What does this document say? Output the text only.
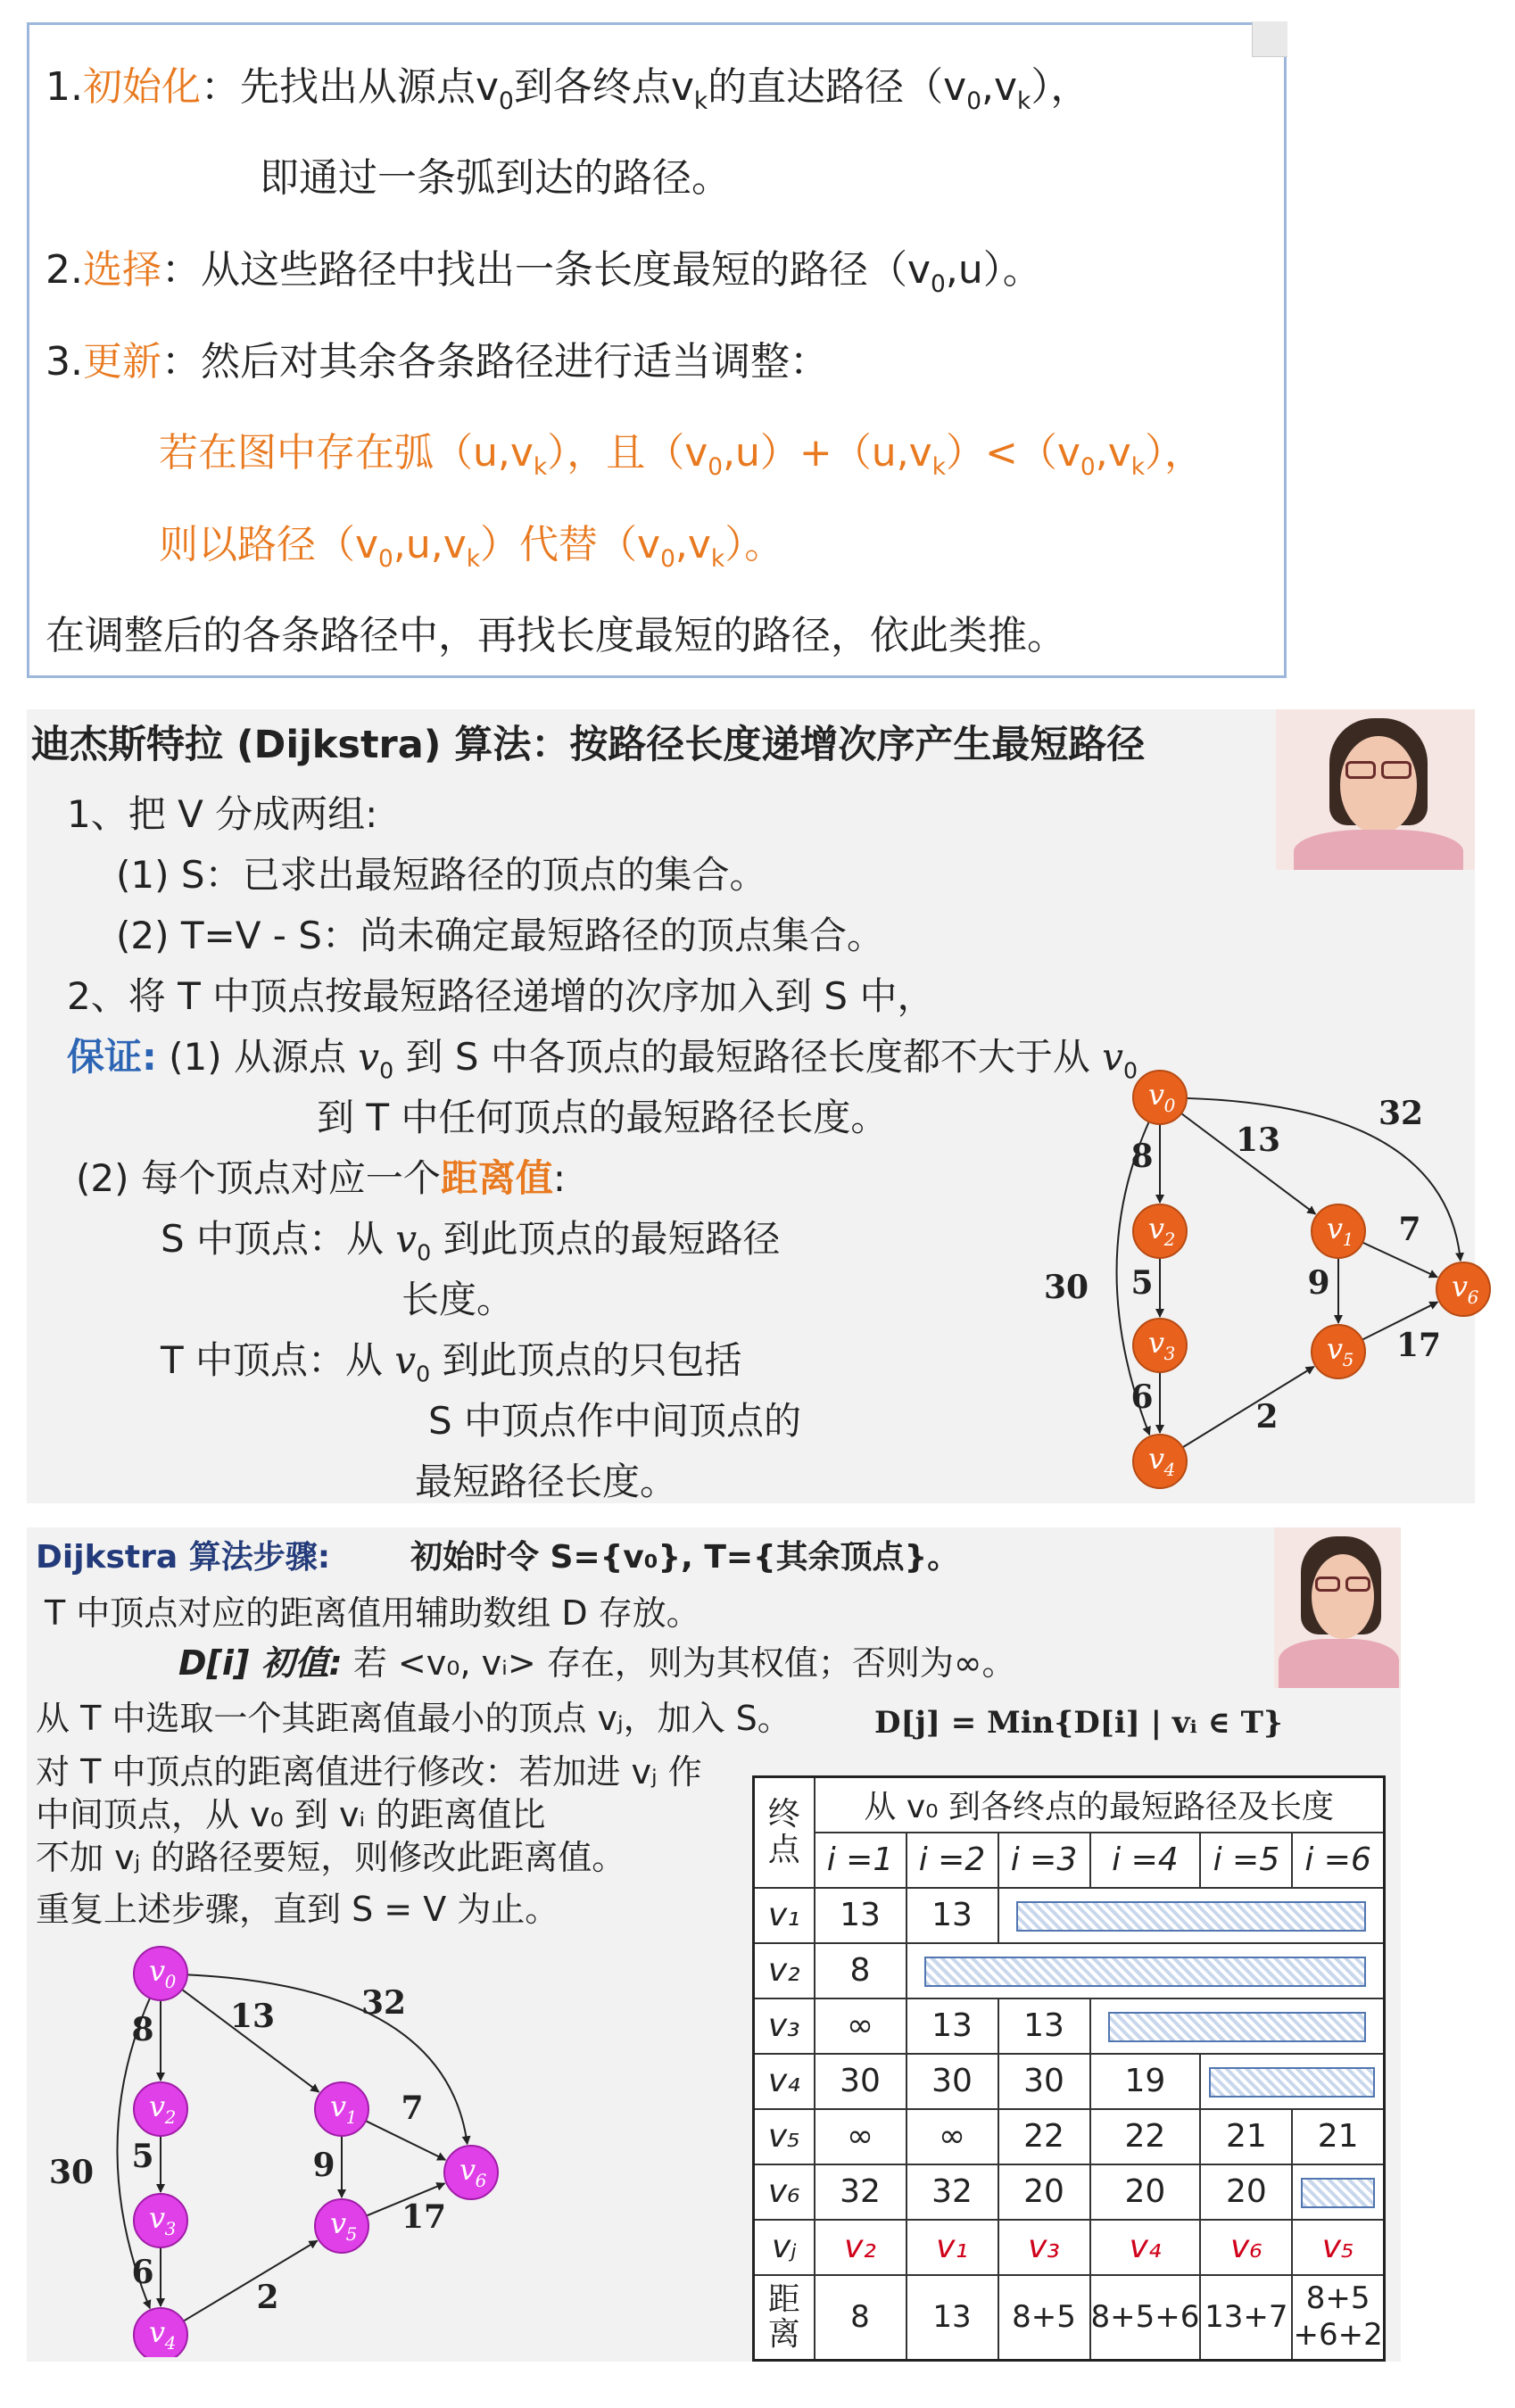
1.初始化：先找出从源点$v_0$到各终点$v_k$的直达路径$(v_0,v_k)$，
即通过一条弧到达的路径。
2.选择：从这些路径中找出一条长度最短的路径$(v_0,u)$。
3.更新：然后对其余各条路径进行适当调整：
若在图中存在弧$(u,v_k)$，且$(v_0,u)+(u,v_k)<(v_0,v_k)$，
则以路径$(v_0,u,v_k)$代替$(v_0,v_k)$。
在调整后的各条路径中，再找长度最短的路径，依此类推。
迪杰斯特拉 (Dijkstra) 算法：按路径长度递增次序产生最短路径
1、把 V 分成两组:
(1) S：已求出最短路径的顶点的集合。
(2) T=V - S：尚未确定最短路径的顶点集合。
2、将 T 中顶点按最短路径递增的次序加入到 S 中，
保证: (1) 从源点 $v_0$ 到 S 中各顶点的最短路径长度都不大于从 $v_0$
到 T 中任何顶点的最短路径长度。
(2) 每个顶点对应一个距离值:
S 中顶点：从 $v_0$ 到此顶点的最短路径
长度。
T 中顶点：从 $v_0$ 到此顶点的只包括
S 中顶点作中间顶点的
最短路径长度。
8	13
32
30 5
6
7
9
17
2
v 0
v 2	v 1
v 3
v 6
v 5
v 4
Dijkstra 算法步骤: 初始时令 S={v₀}, T={其余顶点}。
T 中顶点对应的距离值用辅助数组 D 存放。
D[i] 初值: 若 <v₀, vᵢ> 存在，则为其权值；否则为∞。
从 T 中选取一个其距离值最小的顶点 vⱼ，加入 S。	D[j] = Min{D[i] | vᵢ ∈ T}
对 T 中顶点的距离值进行修改：若加进 vⱼ 作
中间顶点，从 v₀ 到 vᵢ 的距离值比
不加 vⱼ 的路径要短，则修改此距离值。
重复上述步骤，直到 S = V 为止。
8 13	32
30 5
6
7
9
17
2
v 0
v 2	v 1
v 3
v 6
v 5
v 4
终点	从 v₀ 到各终点的最短路径及长度					
	i =1	i =2	i =3	i =4	i =5	i =6
v₁	13	13				
v₂	8					
v₃	∞	13	13			
v₄	30	30	30	19		
v₅	∞	∞	22	22	21	21
v₆	32	32	20	20	20	
vⱼ	v₂	v₁	v₃	v₄	v₆	v₅
距离	8	13	8+5	8+5+6	13+7	8+5 +6+2
